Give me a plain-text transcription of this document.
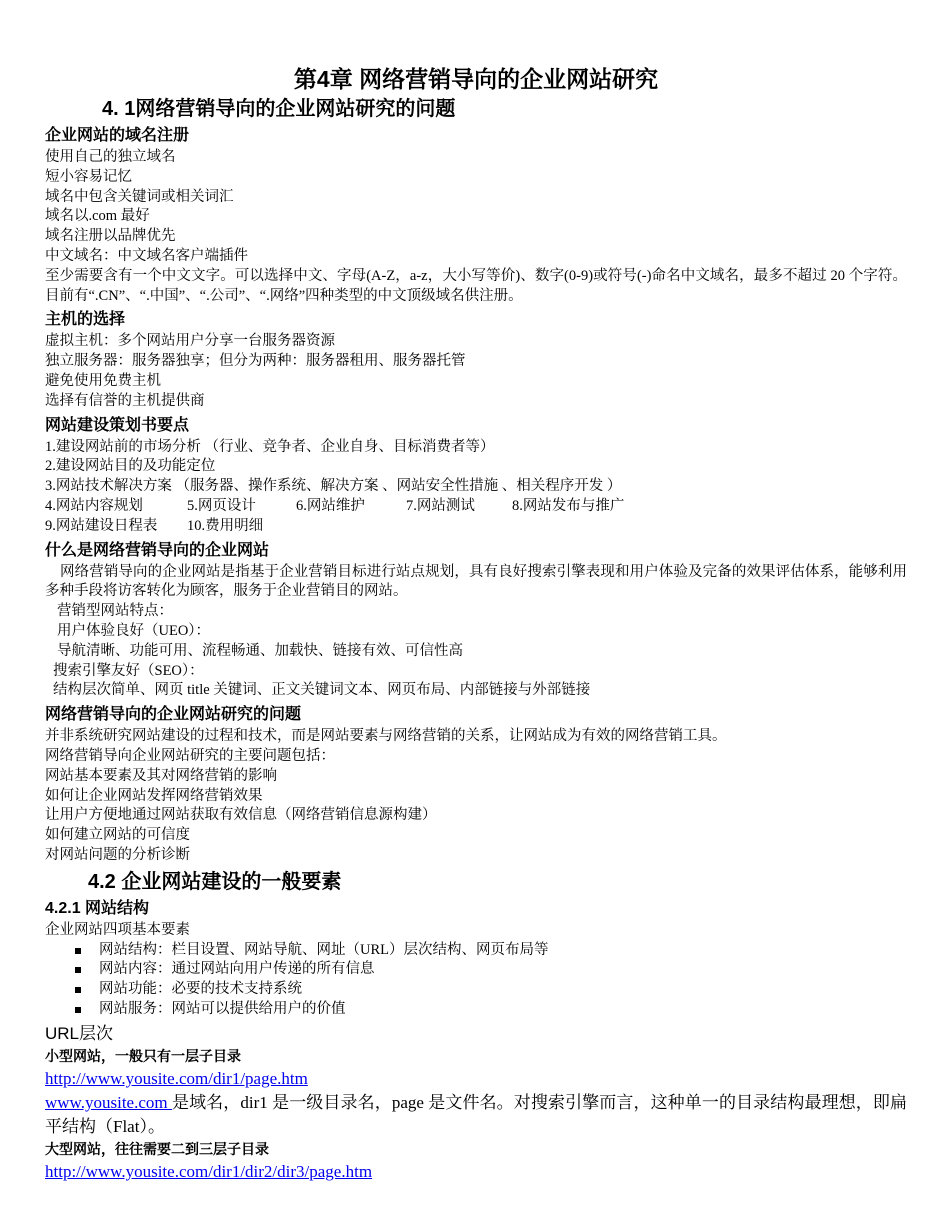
第4章 网络营销导向的企业网站研究
4. 1网络营销导向的企业网站研究的问题
企业网站的域名注册
使用自己的独立域名
短小容易记忆
域名中包含关键词或相关词汇
域名以.com 最好
域名注册以品牌优先
中文域名：中文域名客户端插件
至少需要含有一个中文文字。可以选择中文、字母(A-Z，a-z，大小写等价)、数字(0-9)或符号(-)命名中文域名，最多不超过 20 个字符。目前有“.CN”、“.中国”、“.公司”、“.网络”四种类型的中文顶级域名供注册。
主机的选择
虚拟主机：多个网站用户分享一台服务器资源
独立服务器：服务器独享；但分为两种：服务器租用、服务器托管
避免使用免费主机
选择有信誉的主机提供商
网站建设策划书要点
1.建设网站前的市场分析 （行业、竞争者、企业自身、目标消费者等）
2.建设网站目的及功能定位
3.网站技术解决方案 （服务器、操作系统、解决方案 、网站安全性措施 、相关程序开发 ）
4.网站内容规划	5.网页设计	6.网站维护	7.网站测试	8.网站发布与推广
9.网站建设日程表 10.费用明细
什么是网络营销导向的企业网站
网络营销导向的企业网站是指基于企业营销目标进行站点规划，具有良好搜索引擎表现和用户体验及完备的效果评估体系，能够利用多种手段将访客转化为顾客，服务于企业营销目的网站。
营销型网站特点：
用户体验良好（UEO）：
导航清晰、功能可用、流程畅通、加载快、链接有效、可信性高
搜索引擎友好（SEO）：
结构层次简单、网页 title 关键词、正文关键词文本、网页布局、内部链接与外部链接
网络营销导向的企业网站研究的问题
并非系统研究网站建设的过程和技术，而是网站要素与网络营销的关系，让网站成为有效的网络营销工具。
网络营销导向企业网站研究的主要问题包括：
网站基本要素及其对网络营销的影响
如何让企业网站发挥网络营销效果
让用户方便地通过网站获取有效信息（网络营销信息源构建）
如何建立网站的可信度
对网站问题的分析诊断
4.2 企业网站建设的一般要素
4.2.1 网站结构
企业网站四项基本要素
网站结构：栏目设置、网站导航、网址（URL）层次结构、网页布局等
网站内容：通过网站向用户传递的所有信息
网站功能：必要的技术支持系统
网站服务：网站可以提供给用户的价值
URL层次
小型网站，一般只有一层子目录
http://www.yousite.com/dir1/page.htm
www.yousite.com 是域名，dir1 是一级目录名，page 是文件名。对搜索引擎而言，这种单一的目录结构最理想，即扁平结构（Flat）。
大型网站，往往需要二到三层子目录
http://www.yousite.com/dir1/dir2/dir3/page.htm
